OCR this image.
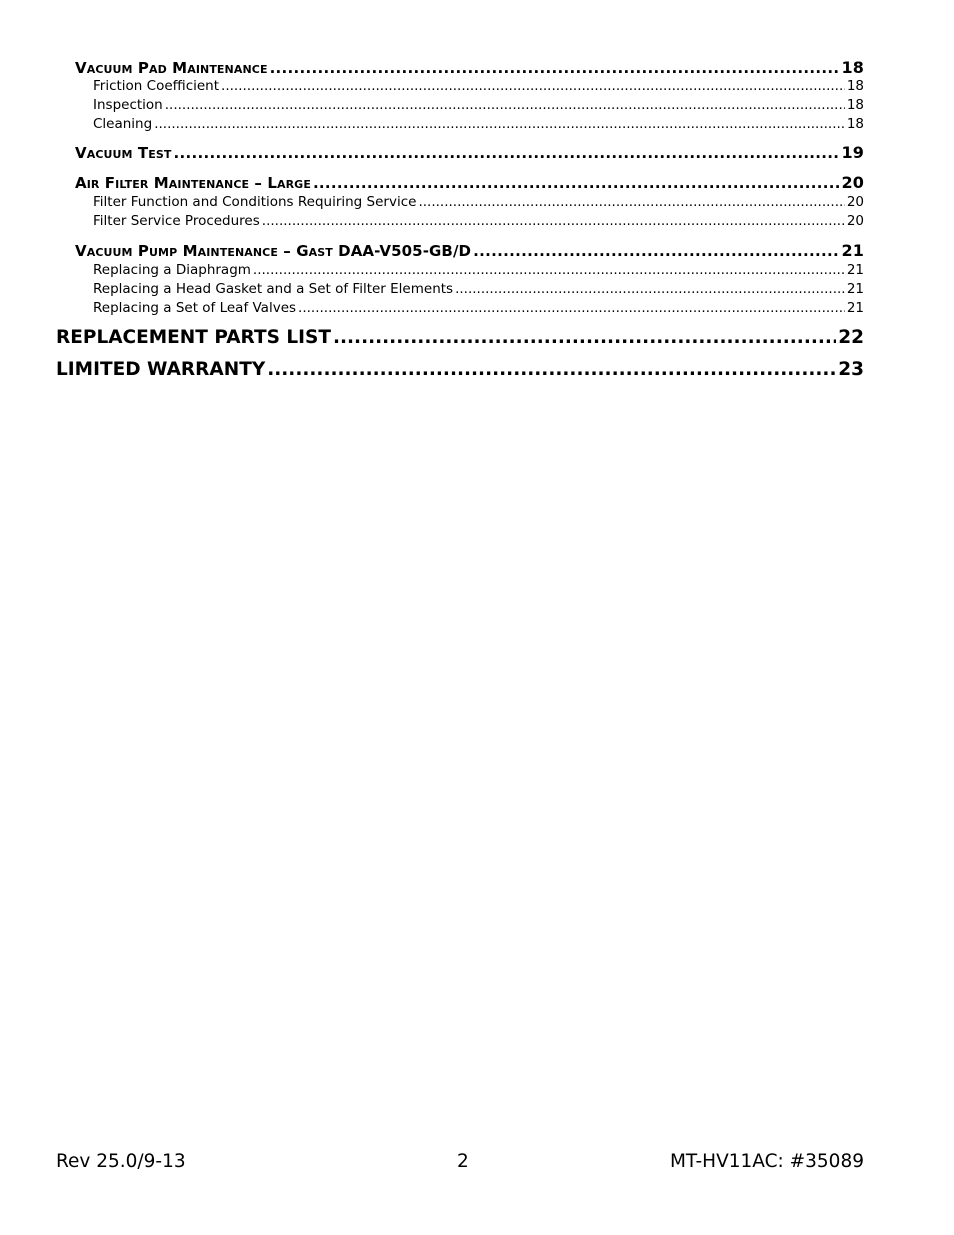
Vacuum Pad Maintenance .....	18
Friction Coefficient .....	18
Inspection .....	18
Cleaning .....	18
Vacuum Test .....	19
Air Filter Maintenance – Large .....	20
Filter Function and Conditions Requiring Service .....	20
Filter Service Procedures .....	20
Vacuum Pump Maintenance – Gast DAA-V505-GB/D .....	21
Replacing a Diaphragm .....	21
Replacing a Head Gasket and a Set of Filter Elements .....	21
Replacing a Set of Leaf Valves .....	21
REPLACEMENT PARTS LIST .....	22
LIMITED WARRANTY .....	23
Rev 25.0/9-13	2	MT-HV11AC: #35089
